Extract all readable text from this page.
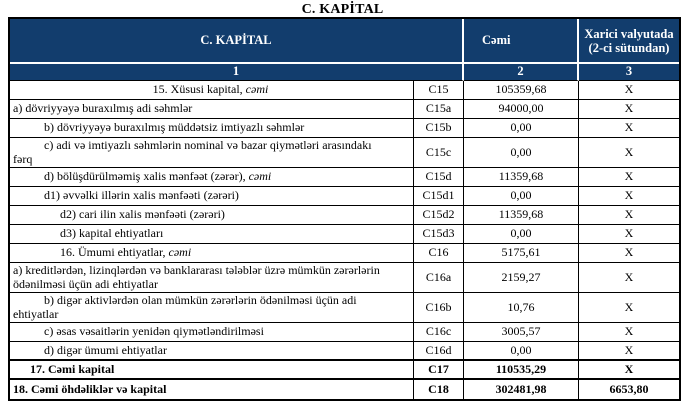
C. KAPİTAL
C. KAPİTAL		Cəmi	Xarici valyutada (2-ci sütundan)
1		2	3
15. Xüsusi kapital, cəmi	C15	105359,68	X
a) dövriyyəyə buraxılmış adi səhmlər	C15a	94000,00	X
b) dövriyyəyə buraxılmış müddətsiz imtiyazlı səhmlər	C15b	0,00	X

c) adi və imtiyazlı səhmlərin nominal və bazar qiymətləri arasındakı
fərq	C15c	0,00	X
d) bölüşdürülməmiş xalis mənfəət (zərər), cəmi	C15d	11359,68	X
d1) əvvəlki illərin xalis mənfəəti (zərəri)	C15d1	0,00	X
d2) cari ilin xalis mənfəəti (zərəri)	C15d2	11359,68	X
d3) kapital ehtiyatları	C15d3	0,00	X
16. Ümumi ehtiyatlar, cəmi	C16	5175,61	X

a) kreditlərdən, lizinqlərdən və banklararası tələblər üzrə mümkün zərərlərin
ödənilməsi üçün adi ehtiyatlar	C16a	2159,27	X

b) digər aktivlərdən olan mümkün zərərlərin ödənilməsi üçün adi
ehtiyatlar	C16b	10,76	X
c) əsas vəsaitlərin yenidən qiymətləndirilməsi	C16c	3005,57	X
d) digər ümumi ehtiyatlar	C16d	0,00	X
17. Cəmi kapital	C17	110535,29	X
18. Cəmi öhdəliklər və kapital	C18	302481,98	6653,80
